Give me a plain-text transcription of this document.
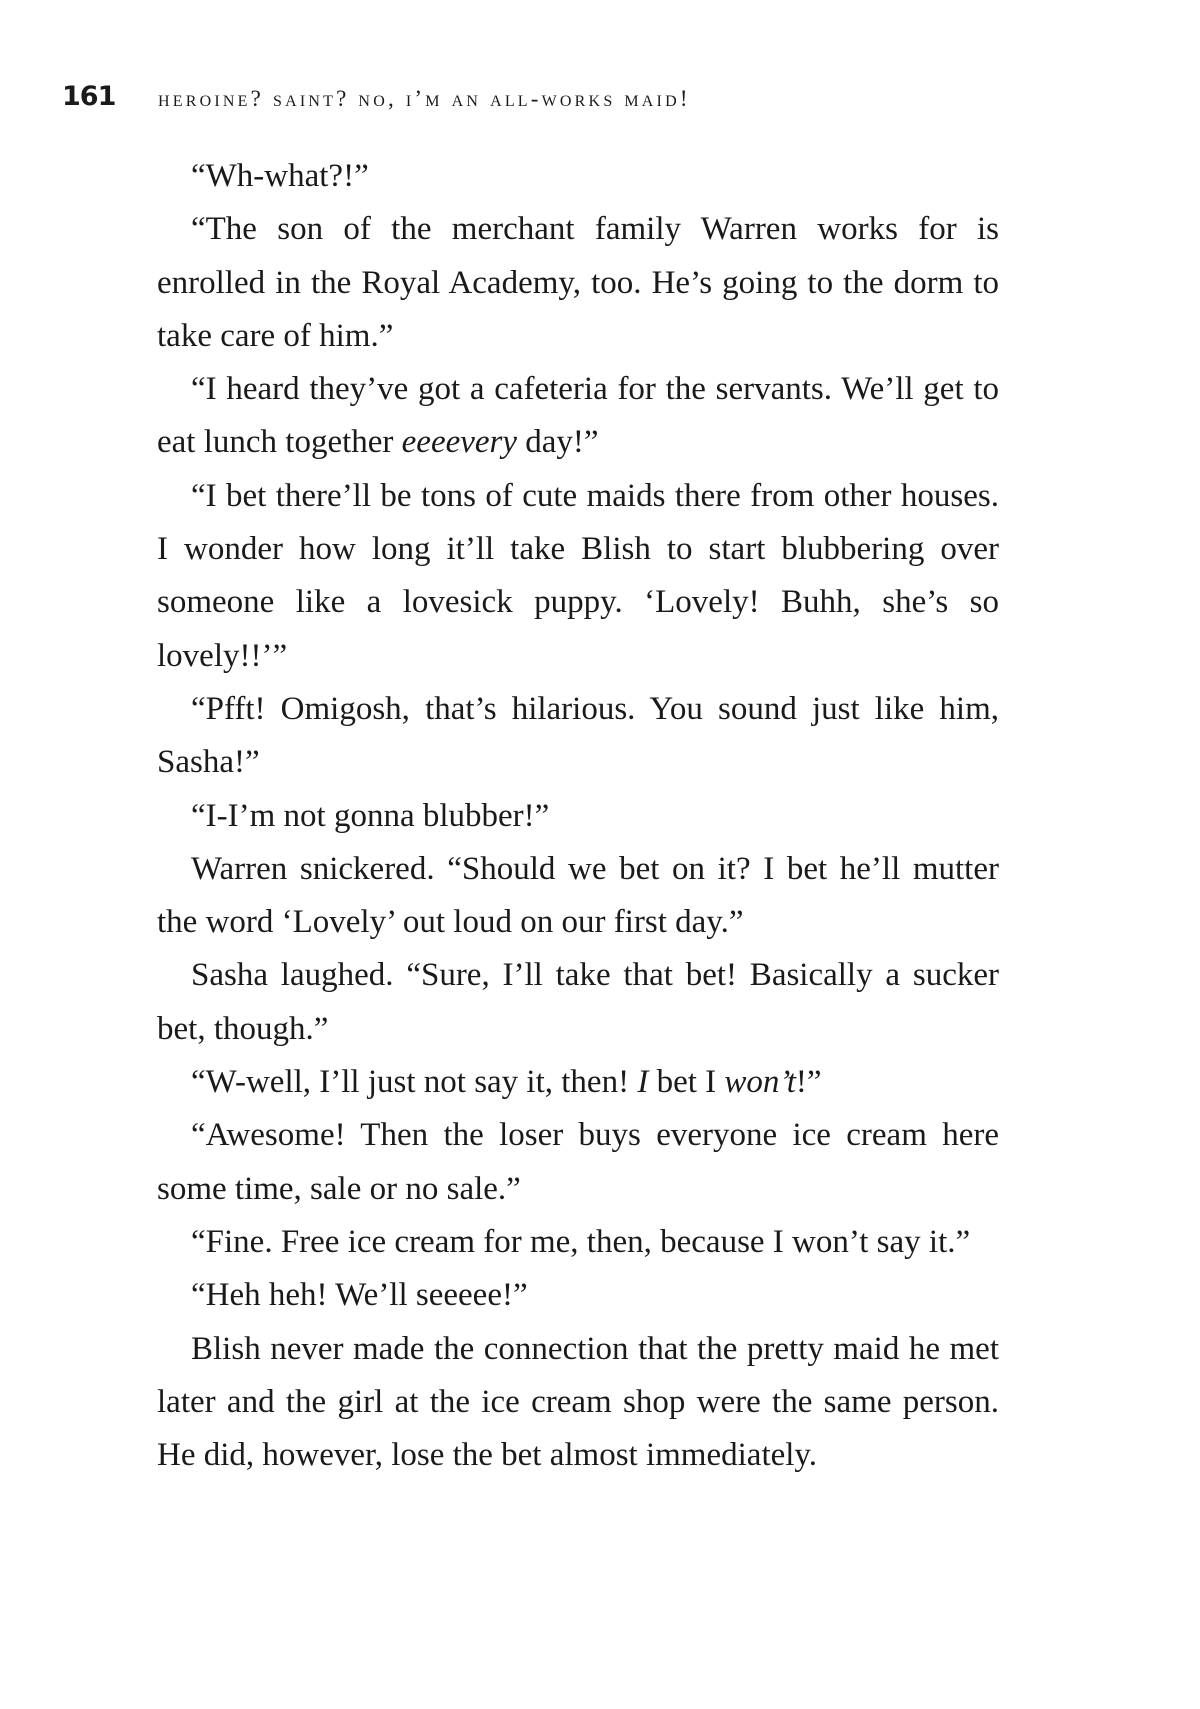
161 heroine? saint? no, i’m an all-works maid!

“Wh-what?!”

“The son of the merchant family Warren works for is enrolled in the Royal Academy, too. He’s going to the dorm to take care of him.”

“I heard they’ve got a cafeteria for the servants. We’ll get to eat lunch together eeeevery day!”

“I bet there’ll be tons of cute maids there from other houses. I wonder how long it’ll take Blish to start blubbering over someone like a lovesick puppy. ‘Lovely! Buhh, she’s so lovely!!’”

“Pfft! Omigosh, that’s hilarious. You sound just like him, Sasha!”

“I-I’m not gonna blubber!”

Warren snickered. “Should we bet on it? I bet he’ll mutter the word ‘Lovely’ out loud on our first day.”

Sasha laughed. “Sure, I’ll take that bet! Basically a sucker bet, though.”

“W-well, I’ll just not say it, then! I bet I won’t!”

“Awesome! Then the loser buys everyone ice cream here some time, sale or no sale.”

“Fine. Free ice cream for me, then, because I won’t say it.”

“Heh heh! We’ll seeeee!”

Blish never made the connection that the pretty maid he met later and the girl at the ice cream shop were the same person. He did, however, lose the bet almost immediately.
